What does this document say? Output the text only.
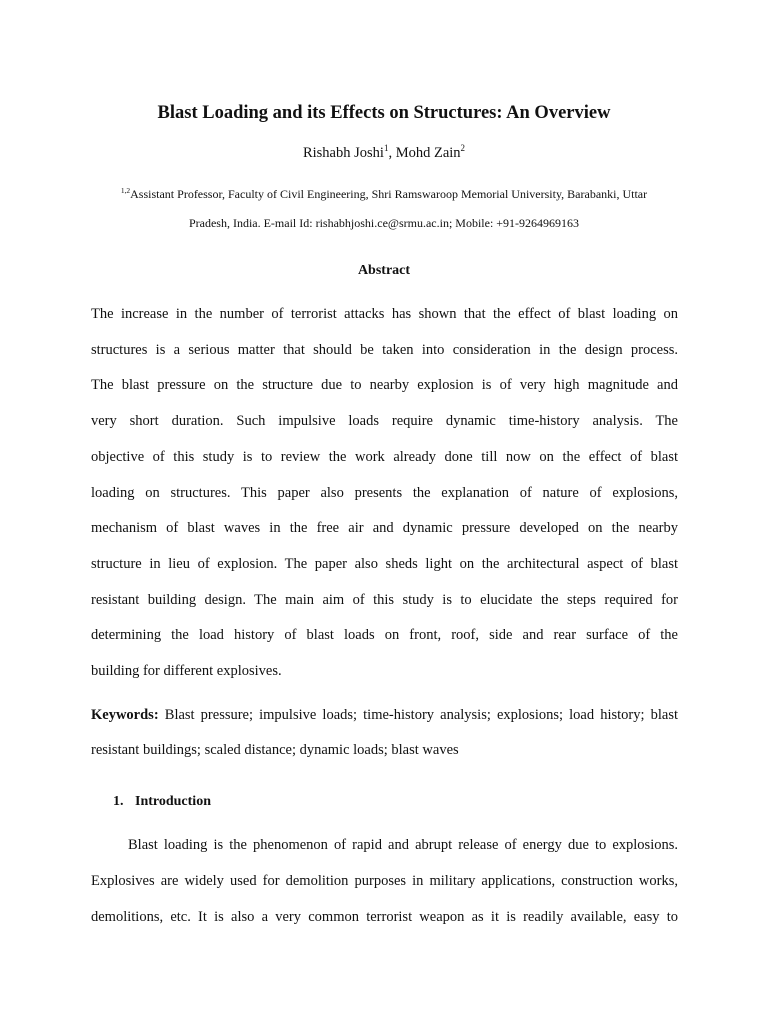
Blast Loading and its Effects on Structures: An Overview
Rishabh Joshi$^1$, Mohd Zain$^2$
$^{1,2}$Assistant Professor, Faculty of Civil Engineering, Shri Ramswaroop Memorial University, Barabanki, Uttar
Pradesh, India. E-mail Id: rishabhjoshi.ce@srmu.ac.in; Mobile: +91-9264969163
Abstract
The increase in the number of terrorist attacks has shown that the effect of blast loading on
structures is a serious matter that should be taken into consideration in the design process.
The blast pressure on the structure due to nearby explosion is of very high magnitude and
very short duration. Such impulsive loads require dynamic time-history analysis. The
objective of this study is to review the work already done till now on the effect of blast
loading on structures. This paper also presents the explanation of nature of explosions,
mechanism of blast waves in the free air and dynamic pressure developed on the nearby
structure in lieu of explosion. The paper also sheds light on the architectural aspect of blast
resistant building design. The main aim of this study is to elucidate the steps required for
determining the load history of blast loads on front, roof, side and rear surface of the
building for different explosives.
Keywords: Blast pressure; impulsive loads; time-history analysis; explosions; load history; blast
resistant buildings; scaled distance; dynamic loads; blast waves
1. Introduction
Blast loading is the phenomenon of rapid and abrupt release of energy due to explosions.
Explosives are widely used for demolition purposes in military applications, construction works,
demolitions, etc. It is also a very common terrorist weapon as it is readily available, easy to
